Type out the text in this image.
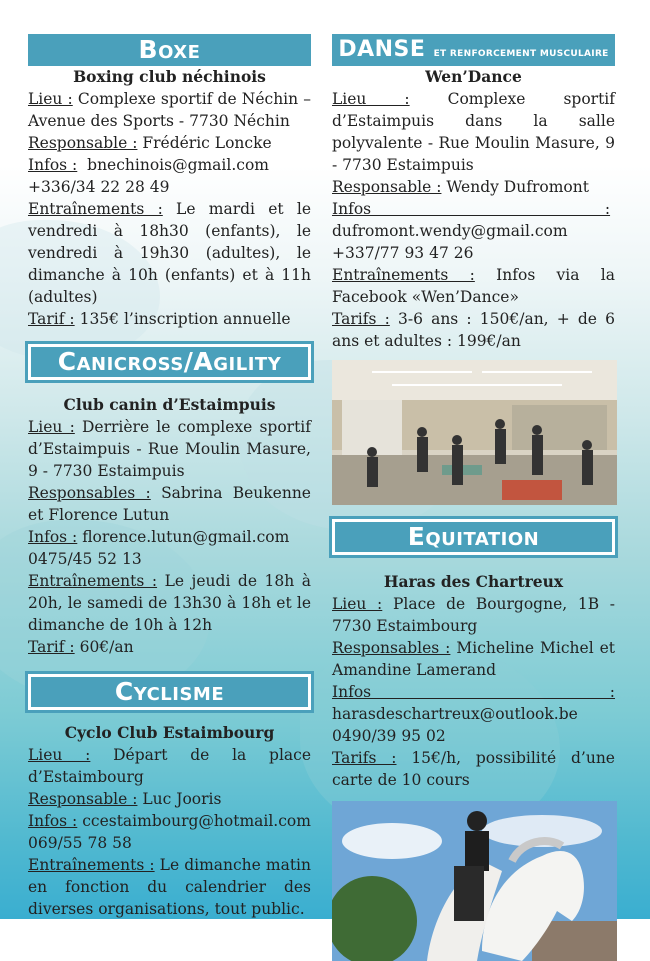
Boxe
Boxing club néchinois

Lieu : Complexe sportif de Néchin – Avenue des Sports - 7730 Néchin

Responsable : Frédéric Loncke

Infos : bnechinois@gmail.com
+336/34 22 28 49

Entraînements : Le mardi et le vendredi à 18h30 (enfants), le vendredi à 19h30 (adultes), le dimanche à 10h (enfants) et à 11h (adultes)

Tarif : 135€ l’inscription annuelle

Canicross/Agility
Club canin d’Estaimpuis

Lieu : Derrière le complexe sportif d’Estaimpuis - Rue Moulin Masure, 9 - 7730 Estaimpuis

Responsables : Sabrina Beukenne et Florence Lutun

Infos : florence.lutun@gmail.com
0475/45 52 13

Entraînements : Le jeudi de 18h à 20h, le samedi de 13h30 à 18h et le dimanche de 10h à 12h

Tarif : 60€/an

Cyclisme
Cyclo Club Estaimbourg

Lieu : Départ de la place d’Estaimbourg

Responsable : Luc Jooris

Infos : ccestaimbourg@hotmail.com
069/55 78 58

Entraînements : Le dimanche matin en fonction du calendrier des diverses organisations, tout public.

DANSE ET RENFORCEMENT MUSCULAIRE
Wen’Dance

Lieu : Complexe sportif d’Estaimpuis dans la salle polyvalente - Rue Moulin Masure, 9 - 7730 Estaimpuis

Responsable : Wendy Dufromont

Infos :  dufromont.wendy@gmail.com
+337/77 93 47 26

Entraînements : Infos via la Facebook «Wen’Dance»

Tarifs : 3-6 ans : 150€/an, + de 6 ans et adultes : 199€/an

Equitation
Haras des Chartreux

Lieu : Place de Bourgogne, 1B - 7730 Estaimbourg

Responsables : Micheline Michel et Amandine Lamerand

Infos : harasdeschartreux@outlook.be
0490/39 95 02

Tarifs : 15€/h, possibilité d’une carte de 10 cours
